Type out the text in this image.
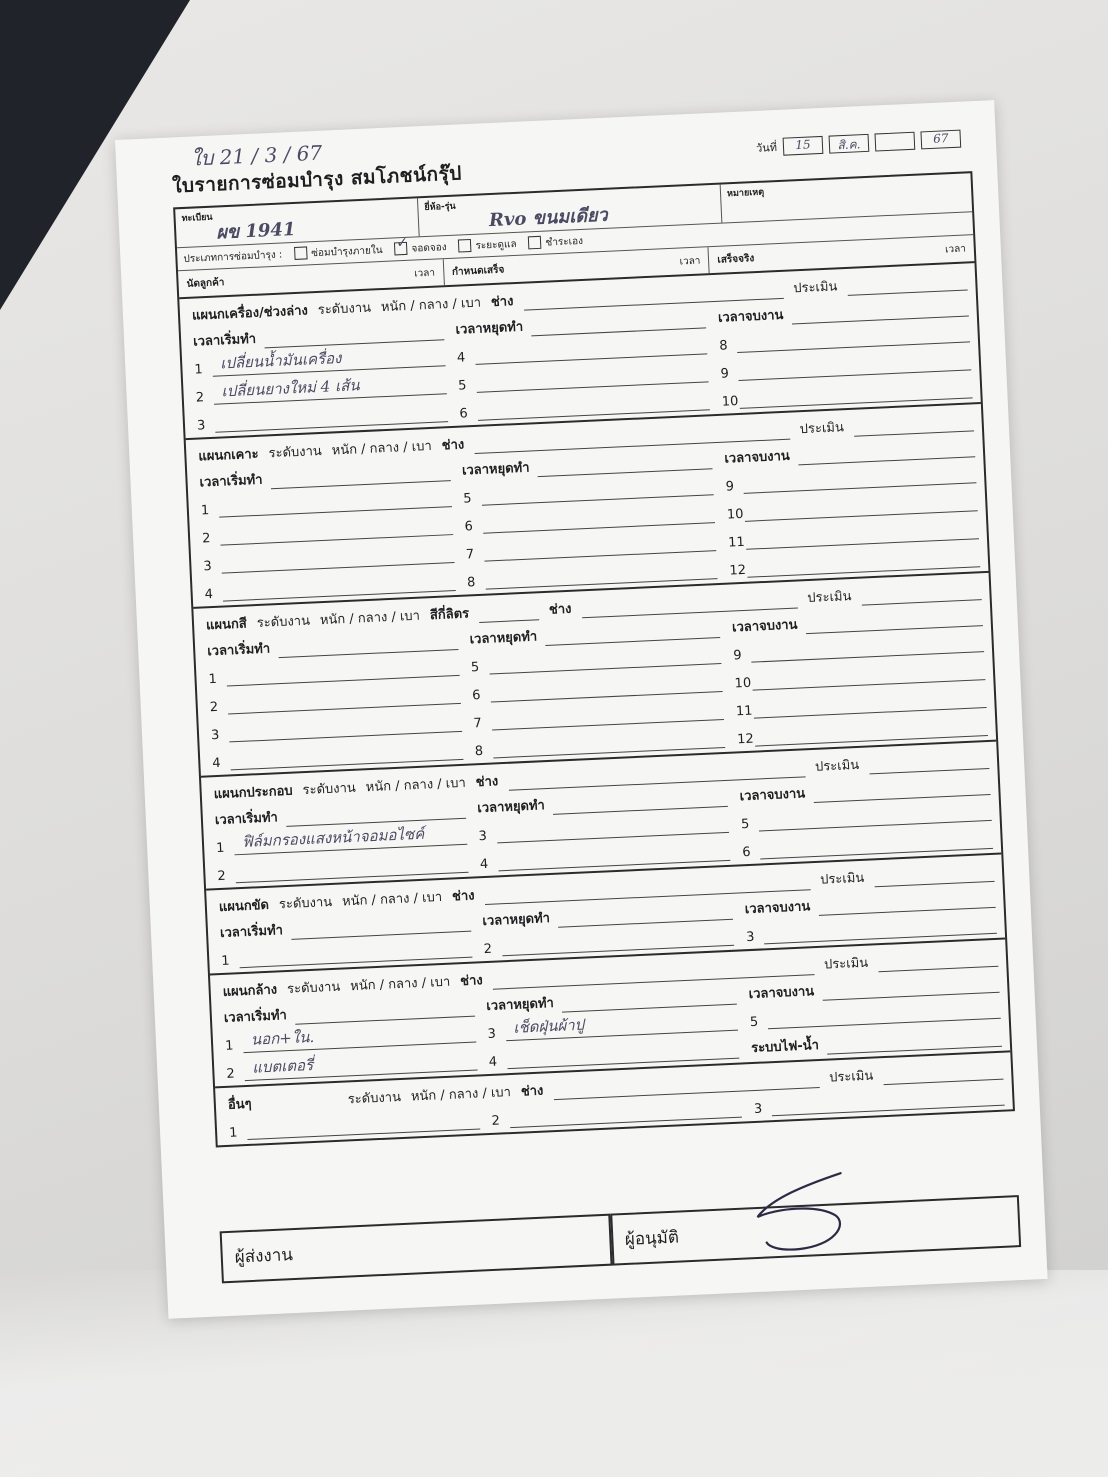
ใบ 21 / 3 / 67
ใบรายการซ่อมบำรุง สมโภชน์กรุ๊ป
วันที่	15	สิ.ค.	67
ทะเบียน
ผข 1941
ยี่ห้อ-รุ่น Rvo ขนมเดียว
หมายเหตุ
ประเภทการซ่อมบำรุง :	ซ่อมบำรุงภายใน
✓	จอดจอง	ระยะดูแล	ชำระเอง
นัดลูกค้า
เวลา กำหนดเสร็จ
เวลา เสร็จจริง
เวลา
แผนกเครื่อง/ช่วงล่าง ระดับงาน หนัก / กลาง / เบา ช่าง
ประเมิน
เวลาเริ่มทำ
เวลาหยุดทำ
เวลาจบงาน
1	เปลี่ยนน้ำมันเครื่อง	4
8
2	เปลี่ยนยางใหม่ 4 เส้น	5
9
3
6
10
แผนกเคาะ ระดับงาน หนัก / กลาง / เบา ช่าง
ประเมิน
เวลาเริ่มทำ
เวลาหยุดทำ
เวลาจบงาน
1
5
9
2
6
10
3
7
11
4
8
12
แผนกสี ระดับงาน หนัก / กลาง / เบา สีกี่ลิตร	ช่าง
ประเมิน
เวลาเริ่มทำ
เวลาหยุดทำ
เวลาจบงาน
1
5
9
2
6
10
3
7
11
4
8
12
แผนกประกอบ ระดับงาน หนัก / กลาง / เบา ช่าง
ประเมิน
เวลาเริ่มทำ
เวลาหยุดทำ
เวลาจบงาน
1	ฟิล์มกรองแสงหน้าจอมอไซค์	3
5
2
4
6
แผนกขัด ระดับงาน หนัก / กลาง / เบา ช่าง
ประเมิน
เวลาเริ่มทำ
เวลาหยุดทำ
เวลาจบงาน
1
2
3
แผนกล้าง ระดับงาน หนัก / กลาง / เบา ช่าง
ประเมิน
เวลาเริ่มทำ
เวลาหยุดทำ
เวลาจบงาน
1	นอก+ใน.	3	เช็ดฝุ่นผ้าปู	5
2	แบตเตอรี่	4
ระบบไฟ-น้ำ
อื่นๆ	ระดับงาน หนัก / กลาง / เบา ช่าง
ประเมิน
1
2
3
ผู้ส่งงาน
ผู้อนุมัติ
